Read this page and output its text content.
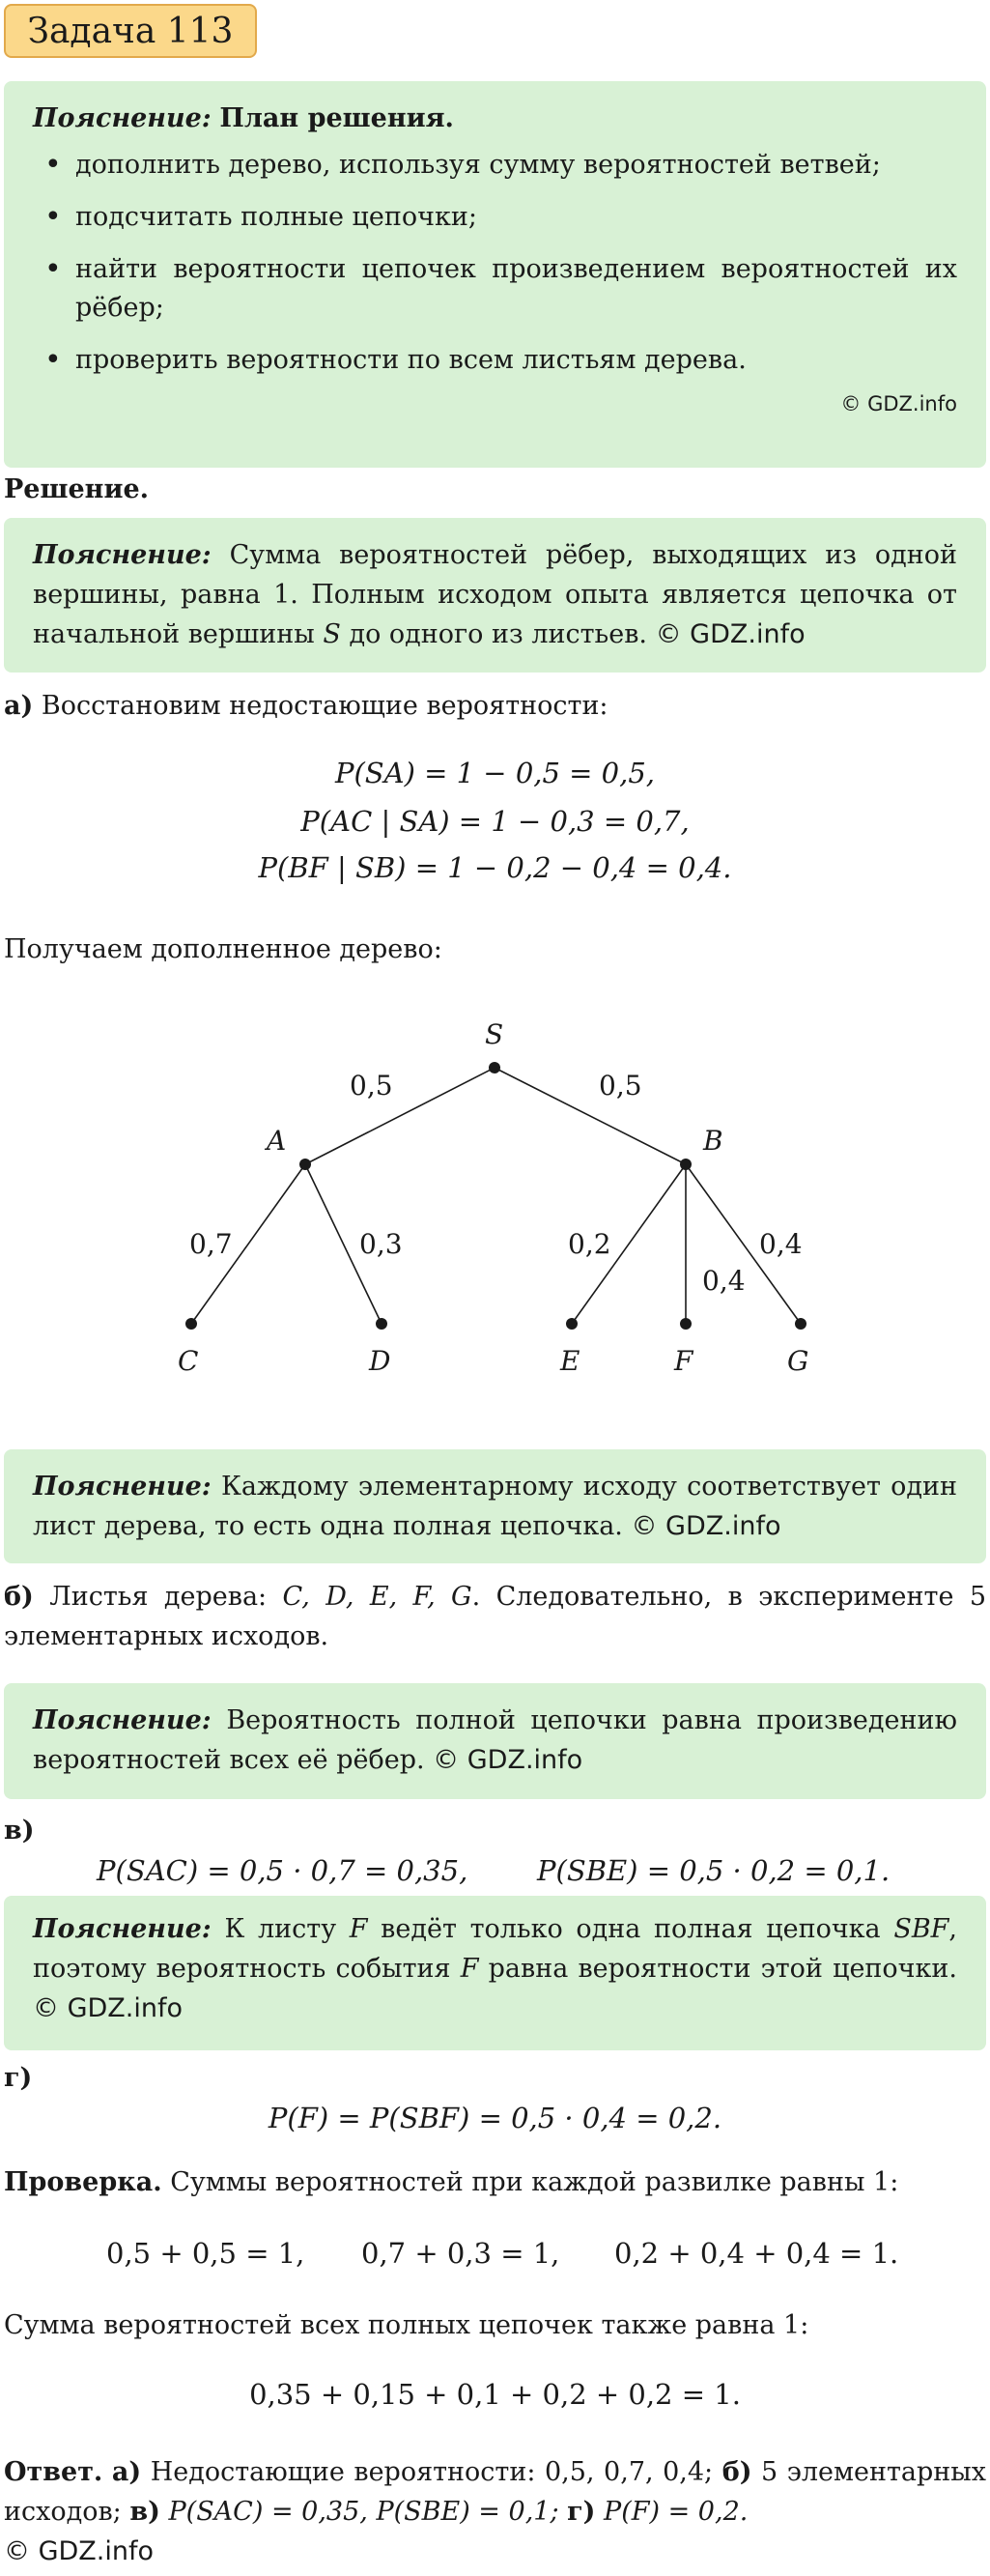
Задача 113
Пояснение: План решения.
• дополнить дерево, используя сумму вероятностей ветвей;
• подсчитать полные цепочки;
• найти вероятности цепочек произведением вероятностей их рёбер;
• проверить вероятности по всем листьям дерева.
© GDZ.info
Решение.
Пояснение: Сумма вероятностей рёбер, выходящих из одной вершины, равна 1. Полным исходом опыта является цепочка от начальной вершины S до одного из листьев. © GDZ.info
а) Восстановим недостающие вероятности:
P(SA) = 1 − 0,5 = 0,5,
P(AC | SA) = 1 − 0,3 = 0,7,
P(BF | SB) = 1 − 0,2 − 0,4 = 0,4.
Получаем дополненное дерево:
S
A	B
C	D	E	F	G
0,5	0,5
0,7	0,3	0,2
0,4
0,4
Пояснение: Каждому элементарному исходу соответствует один лист дерева, то есть одна полная цепочка. © GDZ.info
б) Листья дерева: C, D, E, F, G. Следовательно, в эксперименте 5 элементарных исходов.
Пояснение: Вероятность полной цепочки равна произведению вероятностей всех её рёбер. © GDZ.info
в)
P(SAC) = 0,5 · 0,7 = 0,35,	P(SBE) = 0,5 · 0,2 = 0,1.
Пояснение: К листу F ведёт только одна полная цепочка SBF, поэтому вероятность события F равна вероятности этой цепочки. © GDZ.info
г)
P(F) = P(SBF) = 0,5 · 0,4 = 0,2.
Проверка. Суммы вероятностей при каждой развилке равны 1:
0,5 + 0,5 = 1,	0,7 + 0,3 = 1,	0,2 + 0,4 + 0,4 = 1.
Сумма вероятностей всех полных цепочек также равна 1:
0,35 + 0,15 + 0,1 + 0,2 + 0,2 = 1.
Ответ. а) Недостающие вероятности: 0,5, 0,7, 0,4; б) 5 элементарных исходов; в) P(SAC) = 0,35, P(SBE) = 0,1; г) P(F) = 0,2.
© GDZ.info
